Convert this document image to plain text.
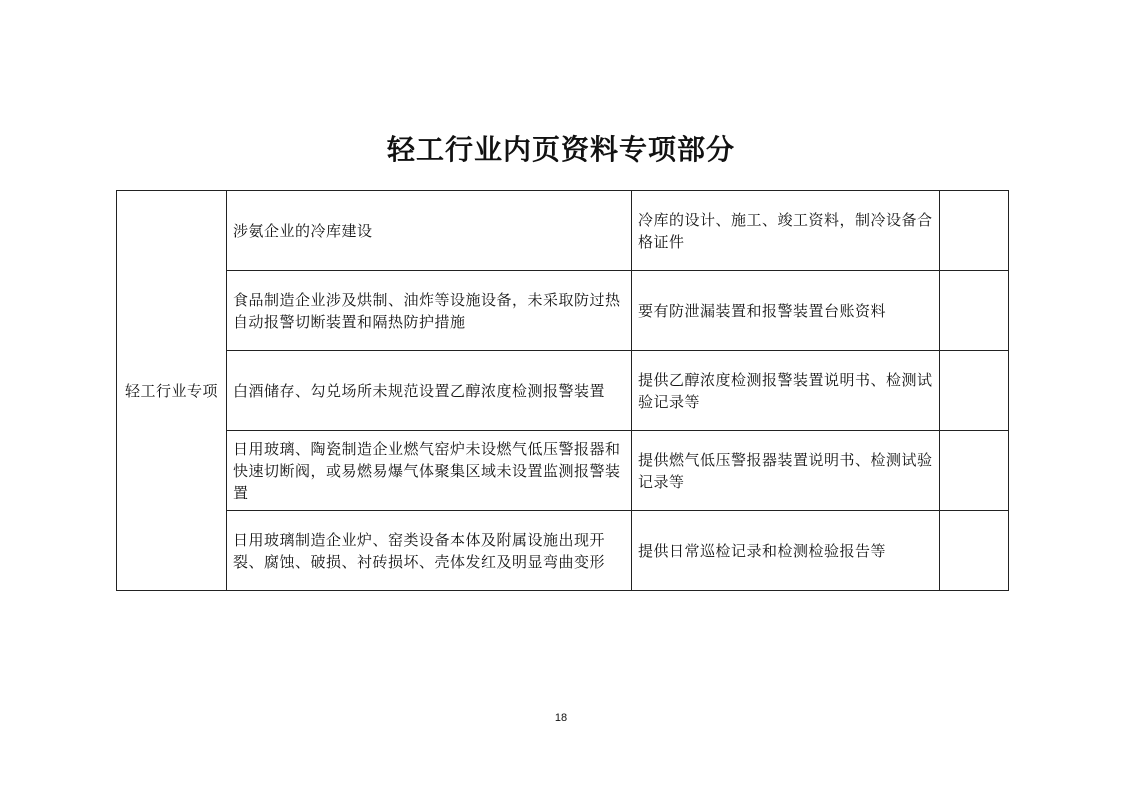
轻工行业内页资料专项部分
轻工行业专项	涉氨企业的冷库建设	冷库的设计、施工、竣工资料，制冷设备合格证件	
	食品制造企业涉及烘制、油炸等设施设备，未采取防过热自动报警切断装置和隔热防护措施	要有防泄漏装置和报警装置台账资料	
	白酒储存、勾兑场所未规范设置乙醇浓度检测报警装置	提供乙醇浓度检测报警装置说明书、检测试验记录等	
	日用玻璃、陶瓷制造企业燃气窑炉未设燃气低压警报器和快速切断阀，或易燃易爆气体聚集区域未设置监测报警装置	提供燃气低压警报器装置说明书、检测试验记录等	
	日用玻璃制造企业炉、窑类设备本体及附属设施出现开裂、腐蚀、破损、衬砖损坏、壳体发红及明显弯曲变形	提供日常巡检记录和检测检验报告等	
18
